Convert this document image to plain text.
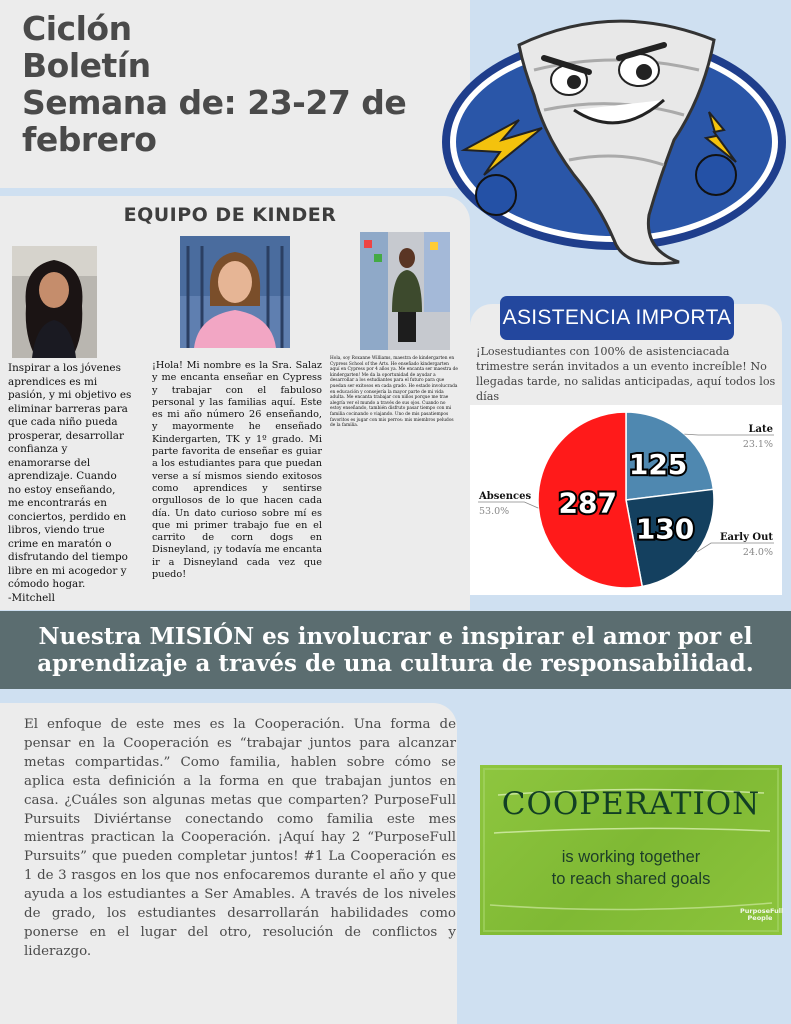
Ciclón
Boletín
Semana de: 23-27 de
febrero
EQUIPO DE KINDER
Inspirar a los jóvenes aprendices es mi pasión, y mi objetivo es eliminar barreras para que cada niño pueda prosperar, desarrollar confianza y enamorarse del aprendizaje. Cuando no estoy enseñando, me encontrarás en conciertos, perdido en libros, viendo true crime en maratón o disfrutando del tiempo libre en mi acogedor y cómodo hogar.
-Mitchell
¡Hola! Mi nombre es la Sra. Salaz y me encanta enseñar en Cypress y trabajar con el fabuloso personal y las familias aquí. Este es mi año número 26 enseñando, y mayormente he enseñado Kindergarten, TK y 1º grado. Mi parte favorita de enseñar es guiar a los estudiantes para que puedan verse a sí mismos siendo exitosos como aprendices y sentirse orgullosos de lo que hacen cada día. Un dato curioso sobre mí es que mi primer trabajo fue en el carrito de corn dogs en Disneyland, ¡y todavía me encanta ir a Disneyland cada vez que puedo!
Hola, soy Roxanne Williams, maestra de kindergarten en Cypress School of the Arts. He enseñado kindergarten aquí en Cypress por 4 años ya. Me encanta ser maestra de kindergarten! Me da la oportunidad de ayudar a desarrollar a los estudiantes para el futuro para que puedan ser exitosos en cada grado. He estado involucrada en educación y consejería la mayor parte de mi vida adulta. Me encanta trabajar con niños porque me trae alegría ver el mundo a través de sus ojos. Cuando no estoy enseñando, también disfruto pasar tiempo con mi familia cocinando o viajando. Uno de mis pasatiempos favoritos es jugar con mis perros: mis miembros peludos de la familia.
ASISTENCIA IMPORTA
¡Losestudiantes con 100% de asistenciacada trimestre serán invitados a un evento increíble! No llegadas tarde, no salidas anticipadas, aquí todos los días
287
125
130
Late
23.1%
Early Out
24.0%
Absences
53.0%
Nuestra MISIÓN es involucrar e inspirar el amor por el aprendizaje a través de una cultura de responsabilidad.
El enfoque de este mes es la Cooperación. Una forma de pensar en la Cooperación es “trabajar juntos para alcanzar metas compartidas.” Como familia, hablen sobre cómo se aplica esta definición a la forma en que trabajan juntos en casa. ¿Cuáles son algunas metas que comparten? PurposeFull Pursuits Diviértanse conectando como familia este mes mientras practican la Cooperación. ¡Aquí hay 2 “PurposeFull Pursuits” que pueden completar juntos! #1 La Cooperación es 1 de 3 rasgos en los que nos enfocaremos durante el año y que ayuda a los estudiantes a Ser Amables. A través de los niveles de grado, los estudiantes desarrollarán habilidades como ponerse en el lugar del otro, resolución de conflictos y liderazgo.
COOPERATION
is working together
to reach shared goals
PurposeFull
People
